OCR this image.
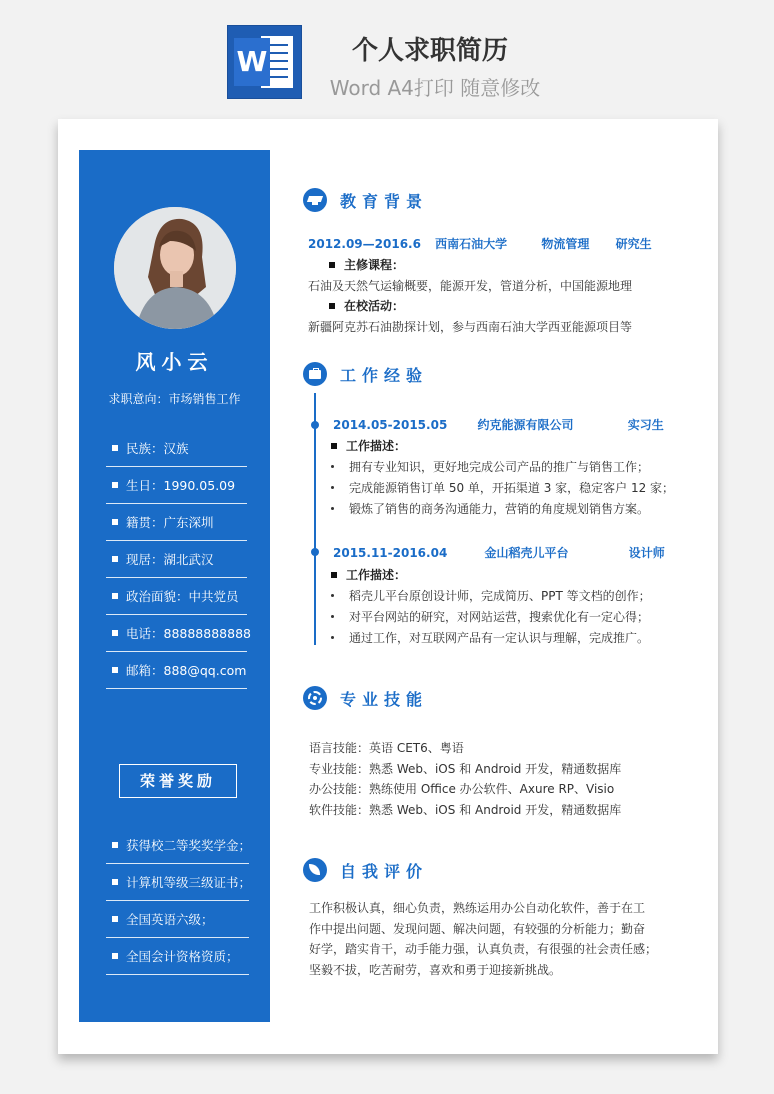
W	个人求职简历
Word A4打印 随意修改
风小云
求职意向：市场销售工作
民族：汉族
生日：1990.05.09
籍贯：广东深圳
现居：湖北武汉
政治面貌：中共党员
电话：88888888888
邮箱：888@qq.com
荣誉奖励
获得校二等奖奖学金；
计算机等级三级证书；
全国英语六级；
全国会计资格资质；
教育背景
2012.09—2016.6 西南石油大学	物流管理 研究生
主修课程：
石油及天然气运输概要，能源开发，管道分析，中国能源地理
在校活动：
新疆阿克苏石油勘探计划，参与西南石油大学西亚能源项目等
工作经验
2014.05-2015.05	约克能源有限公司	实习生
工作描述：
拥有专业知识，更好地完成公司产品的推广与销售工作；
完成能源销售订单 50 单，开拓渠道 3 家，稳定客户 12 家；
锻炼了销售的商务沟通能力，营销的角度规划销售方案。
2015.11-2016.04	金山稻壳儿平台	设计师
工作描述：
稻壳儿平台原创设计师，完成简历、PPT 等文档的创作；
对平台网站的研究，对网站运营，搜索优化有一定心得；
通过工作，对互联网产品有一定认识与理解，完成推广。
专业技能
语言技能：英语 CET6、粤语
专业技能：熟悉 Web、iOS 和 Android 开发，精通数据库
办公技能：熟练使用 Office 办公软件、Axure RP、Visio
软件技能：熟悉 Web、iOS 和 Android 开发，精通数据库
自我评价
工作积极认真，细心负责，熟练运用办公自动化软件，善于在工
作中提出问题、发现问题、解决问题，有较强的分析能力；勤奋
好学，踏实肯干，动手能力强，认真负责，有很强的社会责任感；
坚毅不拔，吃苦耐劳，喜欢和勇于迎接新挑战。
